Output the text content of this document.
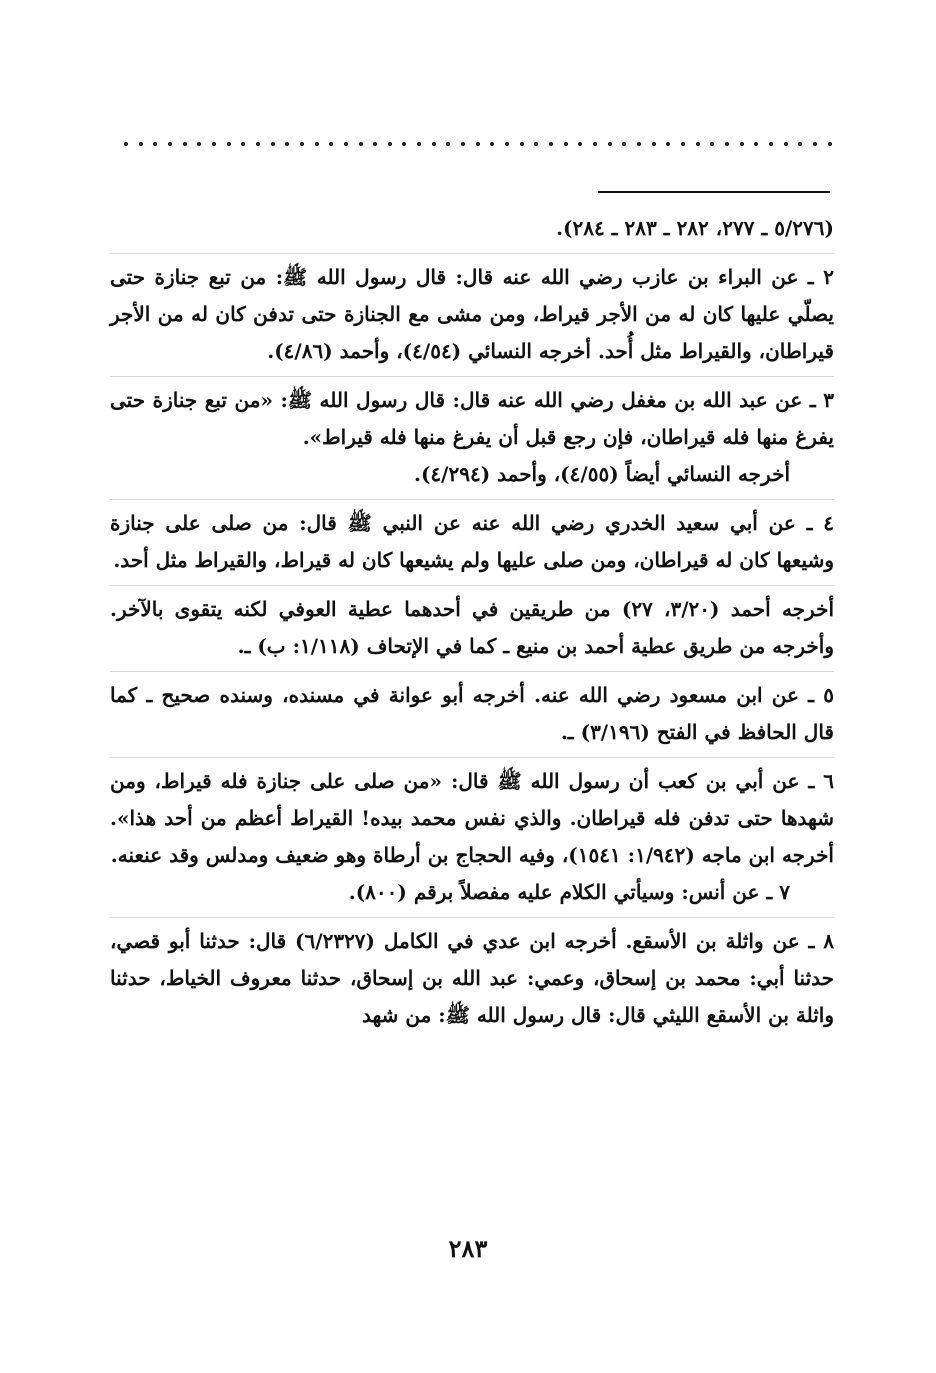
(٥/٢٧٦ ـ ٢٧٧، ٢٨٢ ـ ٢٨٣ ـ ٢٨٤).

٢ ـ عن البراء بن عازب رضي الله عنه قال: قال رسول الله ﷺ: من تبع جنازة حتى يصلّي عليها كان له من الأجر قيراط، ومن مشى مع الجنازة حتى تدفن كان له من الأجر قيراطان، والقيراط مثل أُحد. أخرجه النسائي (٤/٥٤)، وأحمد (٤/٨٦).

٣ ـ عن عبد الله بن مغفل رضي الله عنه قال: قال رسول الله ﷺ: «من تبع جنازة حتى يفرغ منها فله قيراطان، فإن رجع قبل أن يفرغ منها فله قيراط».

أخرجه النسائي أيضاً (٤/٥٥)، وأحمد (٤/٢٩٤).

٤ ـ عن أبي سعيد الخدري رضي الله عنه عن النبي ﷺ قال: من صلى على جنازة وشيعها كان له قيراطان، ومن صلى عليها ولم يشيعها كان له قيراط، والقيراط مثل أحد.

أخرجه أحمد (٣/٢٠، ٢٧) من طريقين في أحدهما عطية العوفي لكنه يتقوى بالآخر. وأخرجه من طريق عطية أحمد بن منيع ـ كما في الإتحاف (١/١١٨: ب) ـ.

٥ ـ عن ابن مسعود رضي الله عنه. أخرجه أبو عوانة في مسنده، وسنده صحيح ـ كما قال الحافظ في الفتح (٣/١٩٦) ـ.

٦ ـ عن أبي بن كعب أن رسول الله ﷺ قال: «من صلى على جنازة فله قيراط، ومن شهدها حتى تدفن فله قيراطان. والذي نفس محمد بيده! القيراط أعظم من أحد هذا». أخرجه ابن ماجه (١/٩٤٢: ١٥٤١)، وفيه الحجاج بن أرطاة وهو ضعيف ومدلس وقد عنعنه.

٧ ـ عن أنس: وسيأتي الكلام عليه مفصلاً برقم (٨٠٠).

٨ ـ عن واثلة بن الأسقع. أخرجه ابن عدي في الكامل (٦/٢٣٢٧) قال: حدثنا أبو قصي، حدثنا أبي: محمد بن إسحاق، وعمي: عبد الله بن إسحاق، حدثنا معروف الخياط، حدثنا واثلة بن الأسقع الليثي قال: قال رسول الله ﷺ: من شهد

٢٨٣
